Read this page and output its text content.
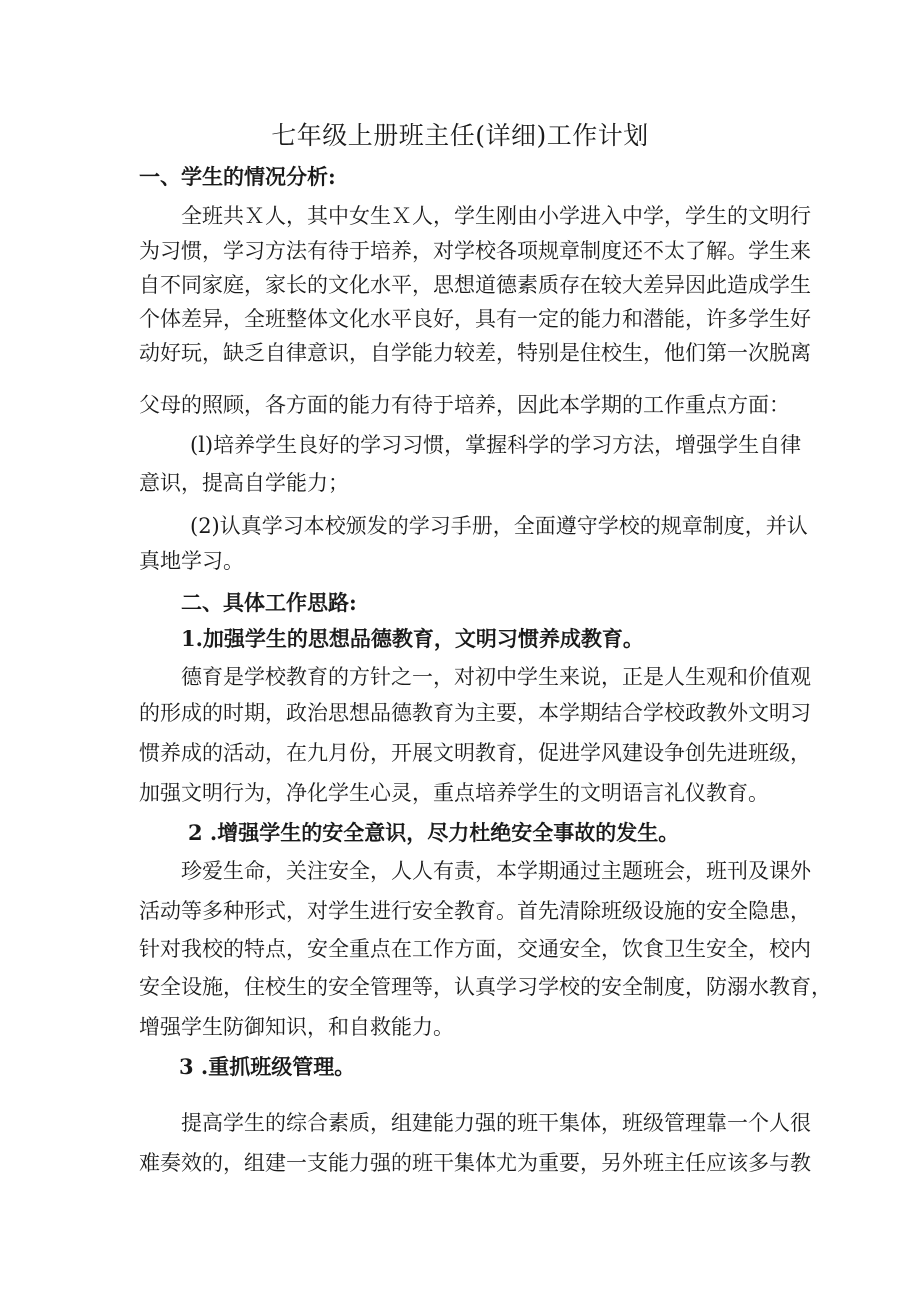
七年级上册班主任(详细)工作计划
一、学生的情况分析:
全班共Ｘ人，其中女生Ｘ人，学生刚由小学进入中学，学生的文明行
为习惯，学习方法有待于培养，对学校各项规章制度还不太了解。学生来
自不同家庭，家长的文化水平，思想道德素质存在较大差异因此造成学生
个体差异，全班整体文化水平良好，具有一定的能力和潜能，许多学生好
动好玩，缺乏自律意识，自学能力较差，特别是住校生，他们第一次脱离
父母的照顾，各方面的能力有待于培养，因此本学期的工作重点方面：
(l)培养学生良好的学习习惯，掌握科学的学习方法，增强学生自律
意识，提高自学能力；
(2)认真学习本校颁发的学习手册，全面遵守学校的规章制度，并认
真地学习。
二、具体工作思路:
1.加强学生的思想品德教育，文明习惯养成教育。
德育是学校教育的方针之一，对初中学生来说，正是人生观和价值观
的形成的时期，政治思想品德教育为主要，本学期结合学校政教外文明习
惯养成的活动，在九月份，开展文明教育，促进学风建设争创先进班级，
加强文明行为，净化学生心灵，重点培养学生的文明语言礼仪教育。
2 .增强学生的安全意识，尽力杜绝安全事故的发生。
珍爱生命，关注安全，人人有责，本学期通过主题班会，班刊及课外
活动等多种形式，对学生进行安全教育。首先清除班级设施的安全隐患，
针对我校的特点，安全重点在工作方面，交通安全，饮食卫生安全，校内
安全设施，住校生的安全管理等，认真学习学校的安全制度，防溺水教育，
增强学生防御知识，和自救能力。
3 .重抓班级管理。
提高学生的综合素质，组建能力强的班干集体，班级管理靠一个人很
难奏效的，组建一支能力强的班干集体尤为重要，另外班主任应该多与教
